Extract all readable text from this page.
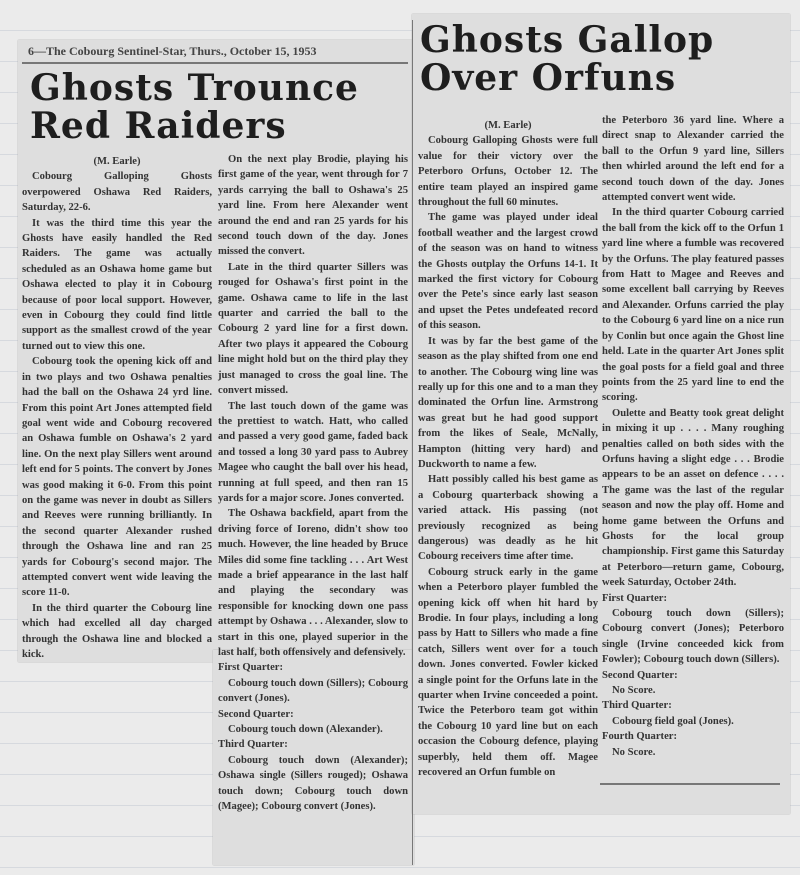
6—The Cobourg Sentinel-Star, Thurs., October 15, 1953
Ghosts Trounce
Red Raiders

(M. Earle)

Cobourg Galloping Ghosts overpowered Oshawa Red Raiders, Saturday, 22-6.

It was the third time this year the Ghosts have easily handled the Red Raiders. The game was actually scheduled as an Oshawa home game but Oshawa elected to play it in Cobourg because of poor local support. However, even in Cobourg they could find little support as the smallest crowd of the year turned out to view this one.

Cobourg took the opening kick off and in two plays and two Oshawa penalties had the ball on the Oshawa 24 yrd line. From this point Art Jones attempted field goal went wide and Cobourg recovered an Oshawa fumble on Oshawa's 2 yard line. On the next play Sillers went around left end for 5 points. The convert by Jones was good making it 6-0. From this point on the game was never in doubt as Sillers and Reeves were running brilliantly. In the second quarter Alexander rushed through the Oshawa line and ran 25 yards for Cobourg's second major. The attempted convert went wide leaving the score 11-0.

In the third quarter the Cobourg line which had excelled all day charged through the Oshawa line and blocked a kick.

On the next play Brodie, playing his first game of the year, went through for 7 yards carrying the ball to Oshawa's 25 yard line. From here Alexander went around the end and ran 25 yards for his second touch down of the day. Jones missed the convert.

Late in the third quarter Sillers was rouged for Oshawa's first point in the game. Oshawa came to life in the last quarter and carried the ball to the Cobourg 2 yard line for a first down. After two plays it appeared the Cobourg line might hold but on the third play they just managed to cross the goal line. The convert missed.

The last touch down of the game was the prettiest to watch. Hatt, who called and passed a very good game, faded back and tossed a long 30 yard pass to Aubrey Magee who caught the ball over his head, running at full speed, and then ran 15 yards for a major score. Jones converted.

The Oshawa backfield, apart from the driving force of Ioreno, didn't show too much. However, the line headed by Bruce Miles did some fine tackling . . . Art West made a brief appearance in the last half and playing the secondary was responsible for knocking down one pass attempt by Oshawa . . . Alexander, slow to start in this one, played superior in the last half, both offensively and defensively.

First Quarter:

Cobourg touch down (Sillers); Cobourg convert (Jones).

Second Quarter:

Cobourg touch down (Alexander).

Third Quarter:

Cobourg touch down (Alexander); Oshawa single (Sillers rouged); Oshawa touch down; Cobourg touch down (Magee); Cobourg convert (Jones).

Ghosts Gallop
Over Orfuns

(M. Earle)

Cobourg Galloping Ghosts were full value for their victory over the Peterboro Orfuns, October 12. The entire team played an inspired game throughout the full 60 minutes.

The game was played under ideal football weather and the largest crowd of the season was on hand to witness the Ghosts outplay the Orfuns 14-1. It marked the first victory for Cobourg over the Pete's since early last season and upset the Petes undefeated record of this season.

It was by far the best game of the season as the play shifted from one end to another. The Cobourg wing line was really up for this one and to a man they dominated the Orfun line. Armstrong was great but he had good support from the likes of Seale, McNally, Hampton (hitting very hard) and Duckworth to name a few.

Hatt possibly called his best game as a Cobourg quarterback showing a varied attack. His passing (not previously recognized as being dangerous) was deadly as he hit Cobourg receivers time after time.

Cobourg struck early in the game when a Peterboro player fumbled the opening kick off when hit hard by Brodie. In four plays, including a long pass by Hatt to Sillers who made a fine catch, Sillers went over for a touch down. Jones converted. Fowler kicked a single point for the Orfuns late in the quarter when Irvine conceeded a point. Twice the Peterboro team got within the Cobourg 10 yard line but on each occasion the Cobourg defence, playing superbly, held them off. Magee recovered an Orfun fumble on

the Peterboro 36 yard line. Where a direct snap to Alexander carried the ball to the Orfun 9 yard line, Sillers then whirled around the left end for a second touch down of the day. Jones attempted convert went wide.

In the third quarter Cobourg carried the ball from the kick off to the Orfun 1 yard line where a fumble was recovered by the Orfuns. The play featured passes from Hatt to Magee and Reeves and some excellent ball carrying by Reeves and Alexander. Orfuns carried the play to the Cobourg 6 yard line on a nice run by Conlin but once again the Ghost line held. Late in the quarter Art Jones split the goal posts for a field goal and three points from the 25 yard line to end the scoring.

Oulette and Beatty took great delight in mixing it up . . . . Many roughing penalties called on both sides with the Orfuns having a slight edge . . . Brodie appears to be an asset on defence . . . . The game was the last of the regular season and now the play off. Home and home game between the Orfuns and Ghosts for the local group championship. First game this Saturday at Peterboro—return game, Cobourg, week Saturday, October 24th.

First Quarter:

Cobourg touch down (Sillers); Cobourg convert (Jones); Peterboro single (Irvine conceeded kick from Fowler); Cobourg touch down (Sillers).

Second Quarter:

No Score.

Third Quarter:

Cobourg field goal (Jones).

Fourth Quarter:

No Score.
